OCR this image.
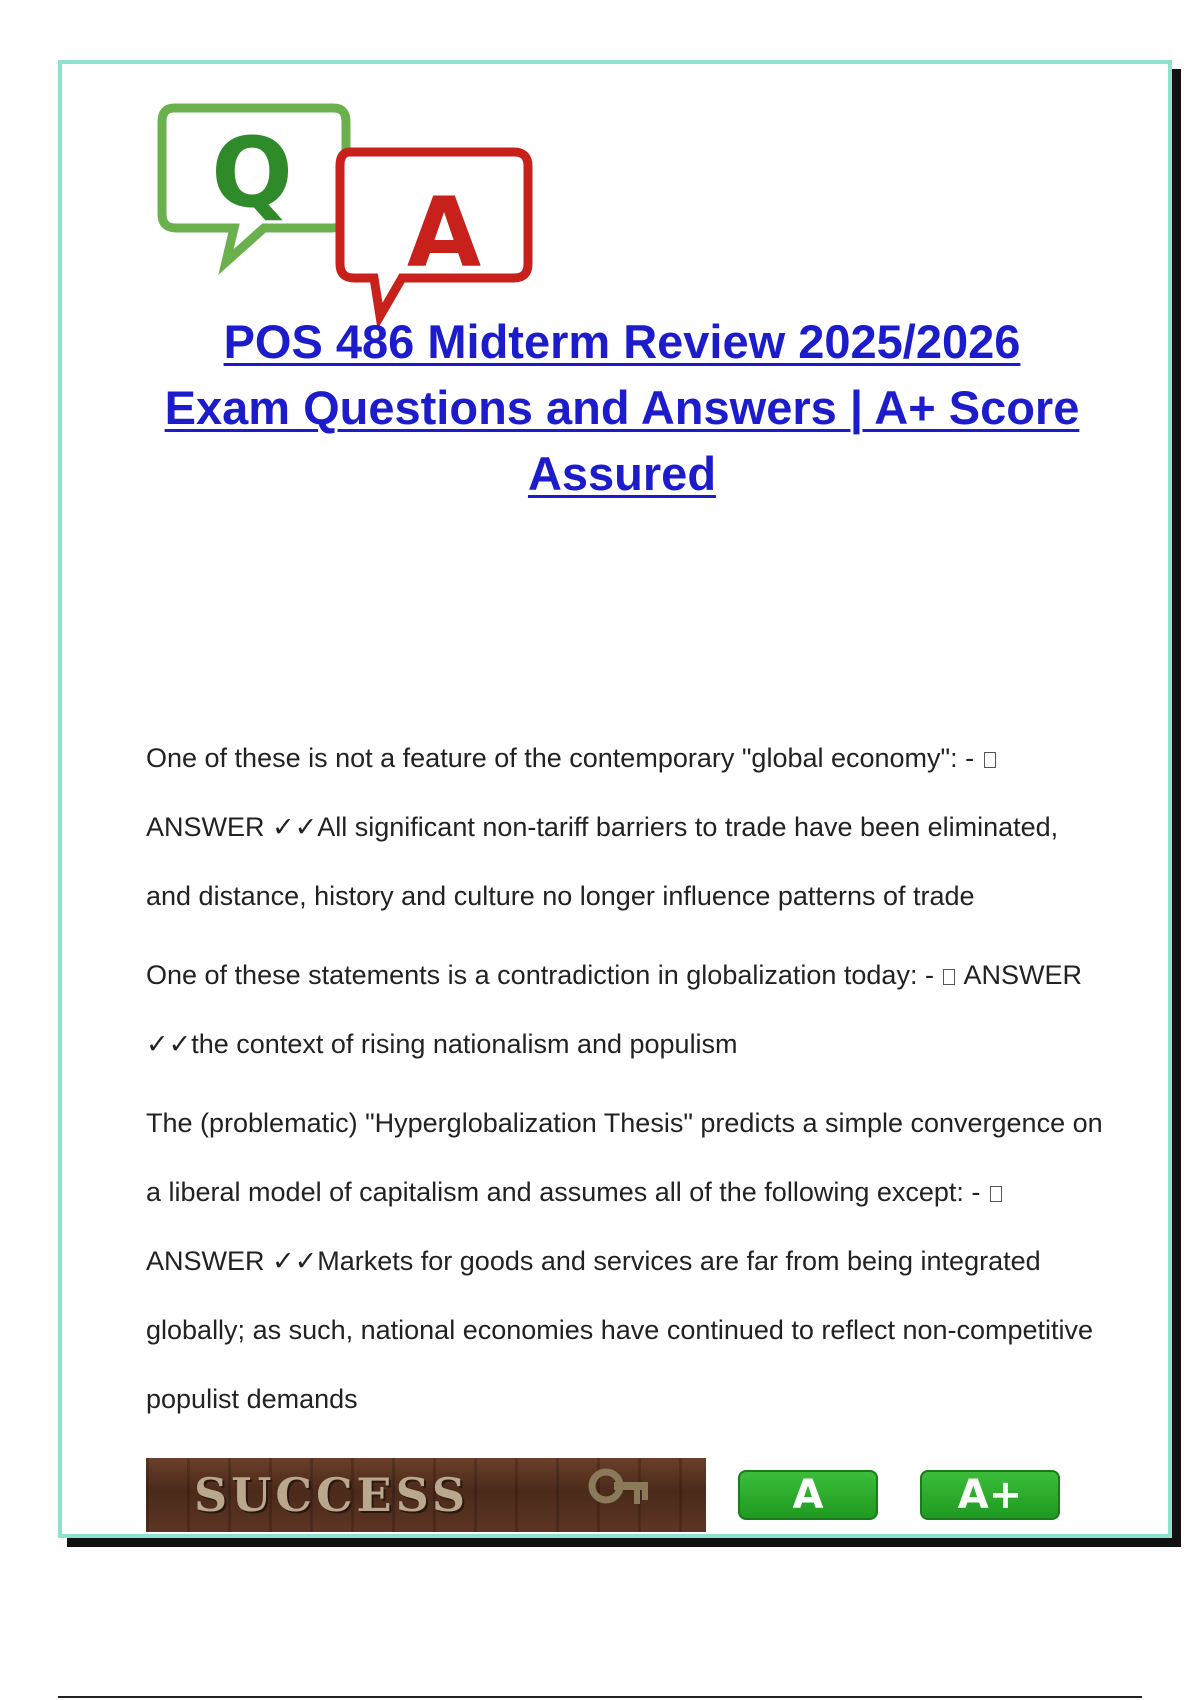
Q
A
POS 486 Midterm Review 2025/2026
Exam Questions and Answers | A+ Score
Assured

One of these is not a feature of the contemporary "global economy": -  ANSWER ✓✓All significant non-tariff barriers to trade have been eliminated, and distance, history and culture no longer influence patterns of trade

One of these statements is a contradiction in globalization today: -  ANSWER ✓✓the context of rising nationalism and populism

The (problematic) "Hyperglobalization Thesis" predicts a simple convergence on a liberal model of capitalism and assumes all of the following except: -  ANSWER ✓✓Markets for goods and services are far from being integrated globally; as such, national economies have continued to reflect non-competitive populist demands

SUCCESS	A	A+
